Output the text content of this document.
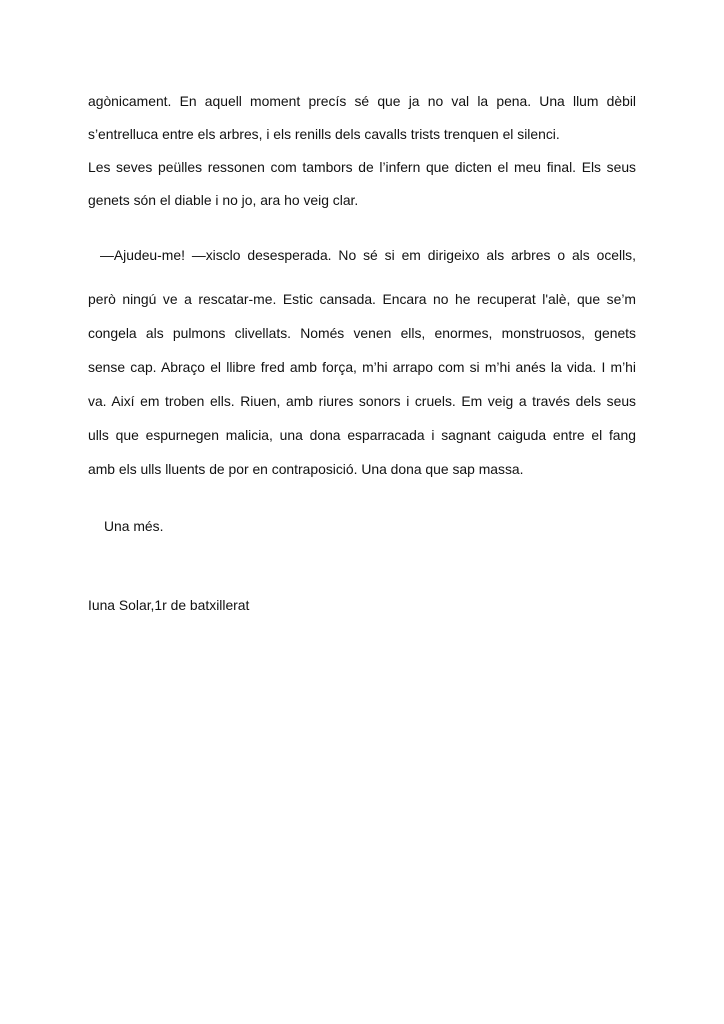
agònicament. En aquell moment precís sé que ja no val la pena. Una llum dèbil
s’entrelluca entre els arbres, i els renills dels cavalls trists trenquen el silenci.
Les seves peülles ressonen com tambors de l’infern que dicten el meu final. Els seus
genets són el diable i no jo, ara ho veig clar.
—Ajudeu-me! —xisclo desesperada. No sé si em dirigeixo als arbres o als ocells,
però ningú ve a rescatar-me. Estic cansada. Encara no he recuperat l'alè, que se’m
congela als pulmons clivellats. Només venen ells, enormes, monstruosos, genets
sense cap. Abraço el llibre fred amb força, m’hi arrapo com si m’hi anés la vida. I m’hi
va. Així em troben ells. Riuen, amb riures sonors i cruels. Em veig a través dels seus
ulls que espurnegen malicia, una dona esparracada i sagnant caiguda entre el fang
amb els ulls lluents de por en contraposició. Una dona que sap massa.
Una més.
Iuna Solar,1r de batxillerat
